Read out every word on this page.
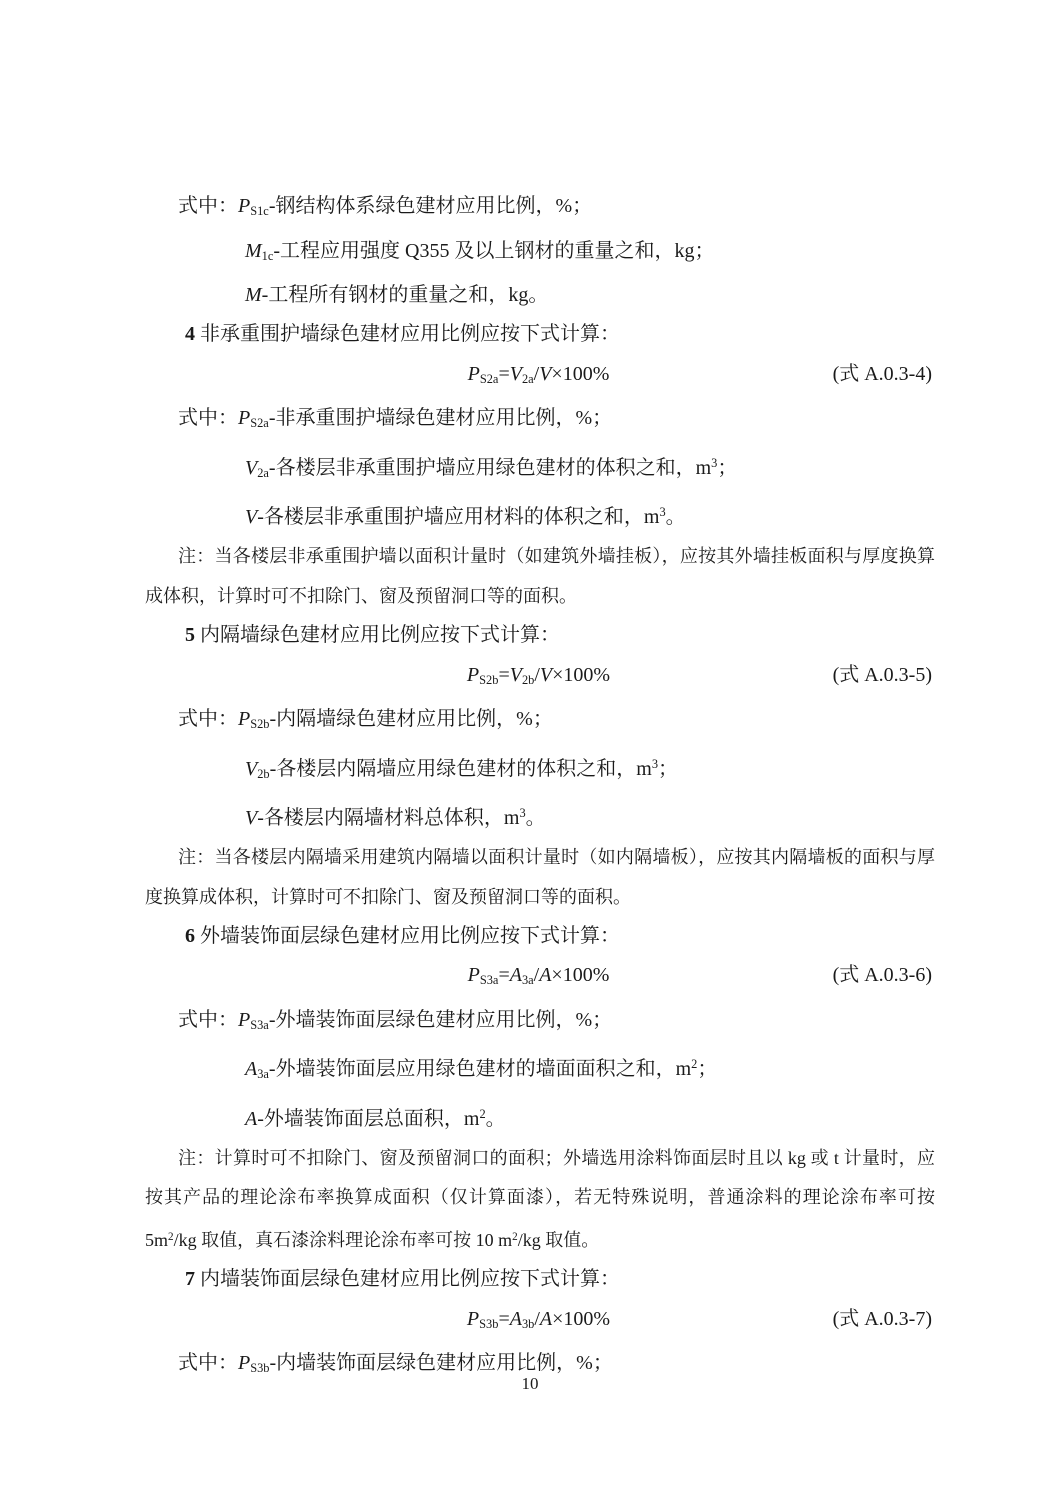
式中：$P_{S1c}-$钢结构体系绿色建材应用比例，%；
$M_{1c}-$工程应用强度 Q355 及以上钢材的重量之和，kg；
M-工程所有钢材的重量之和，kg。
4 非承重围护墙绿色建材应用比例应按下式计算：
$P_{S2a}=V_{2a}/V\times 100\%$	(式 A.0.3-4)
式中：$P_{S2a}-$非承重围护墙绿色建材应用比例，%；
$V_{2a}-$各楼层非承重围护墙应用绿色建材的体积之和，$m^3$；
V-各楼层非承重围护墙应用材料的体积之和，$m^3$。
注：当各楼层非承重围护墙以面积计量时（如建筑外墙挂板），应按其外墙挂板面积与厚度换算成体积，计算时可不扣除门、窗及预留洞口等的面积。
5 内隔墙绿色建材应用比例应按下式计算：
$P_{S2b}=V_{2b}/V\times 100\%$	(式 A.0.3-5)
式中：$P_{S2b}-$内隔墙绿色建材应用比例，%；
$V_{2b}-$各楼层内隔墙应用绿色建材的体积之和，$m^3$；
V-各楼层内隔墙材料总体积，$m^3$。
注：当各楼层内隔墙采用建筑内隔墙以面积计量时（如内隔墙板），应按其内隔墙板的面积与厚度换算成体积，计算时可不扣除门、窗及预留洞口等的面积。
6 外墙装饰面层绿色建材应用比例应按下式计算：
$P_{S3a}=A_{3a}/A\times 100\%$	(式 A.0.3-6)
式中：$P_{S3a}-$外墙装饰面层绿色建材应用比例，%；
$A_{3a}-$外墙装饰面层应用绿色建材的墙面面积之和，$m^2$；
A-外墙装饰面层总面积，$m^2$。
注：计算时可不扣除门、窗及预留洞口的面积；外墙选用涂料饰面层时且以 kg 或 t 计量时，应按其产品的理论涂布率换算成面积（仅计算面漆），若无特殊说明，普通涂料的理论涂布率可按 $5m^2/kg$ 取值，真石漆涂料理论涂布率可按 10 $m^2/kg$ 取值。
7 内墙装饰面层绿色建材应用比例应按下式计算：
$P_{S3b}=A_{3b}/A\times 100\%$	(式 A.0.3-7)
式中：$P_{S3b}-$内墙装饰面层绿色建材应用比例，%；
10
